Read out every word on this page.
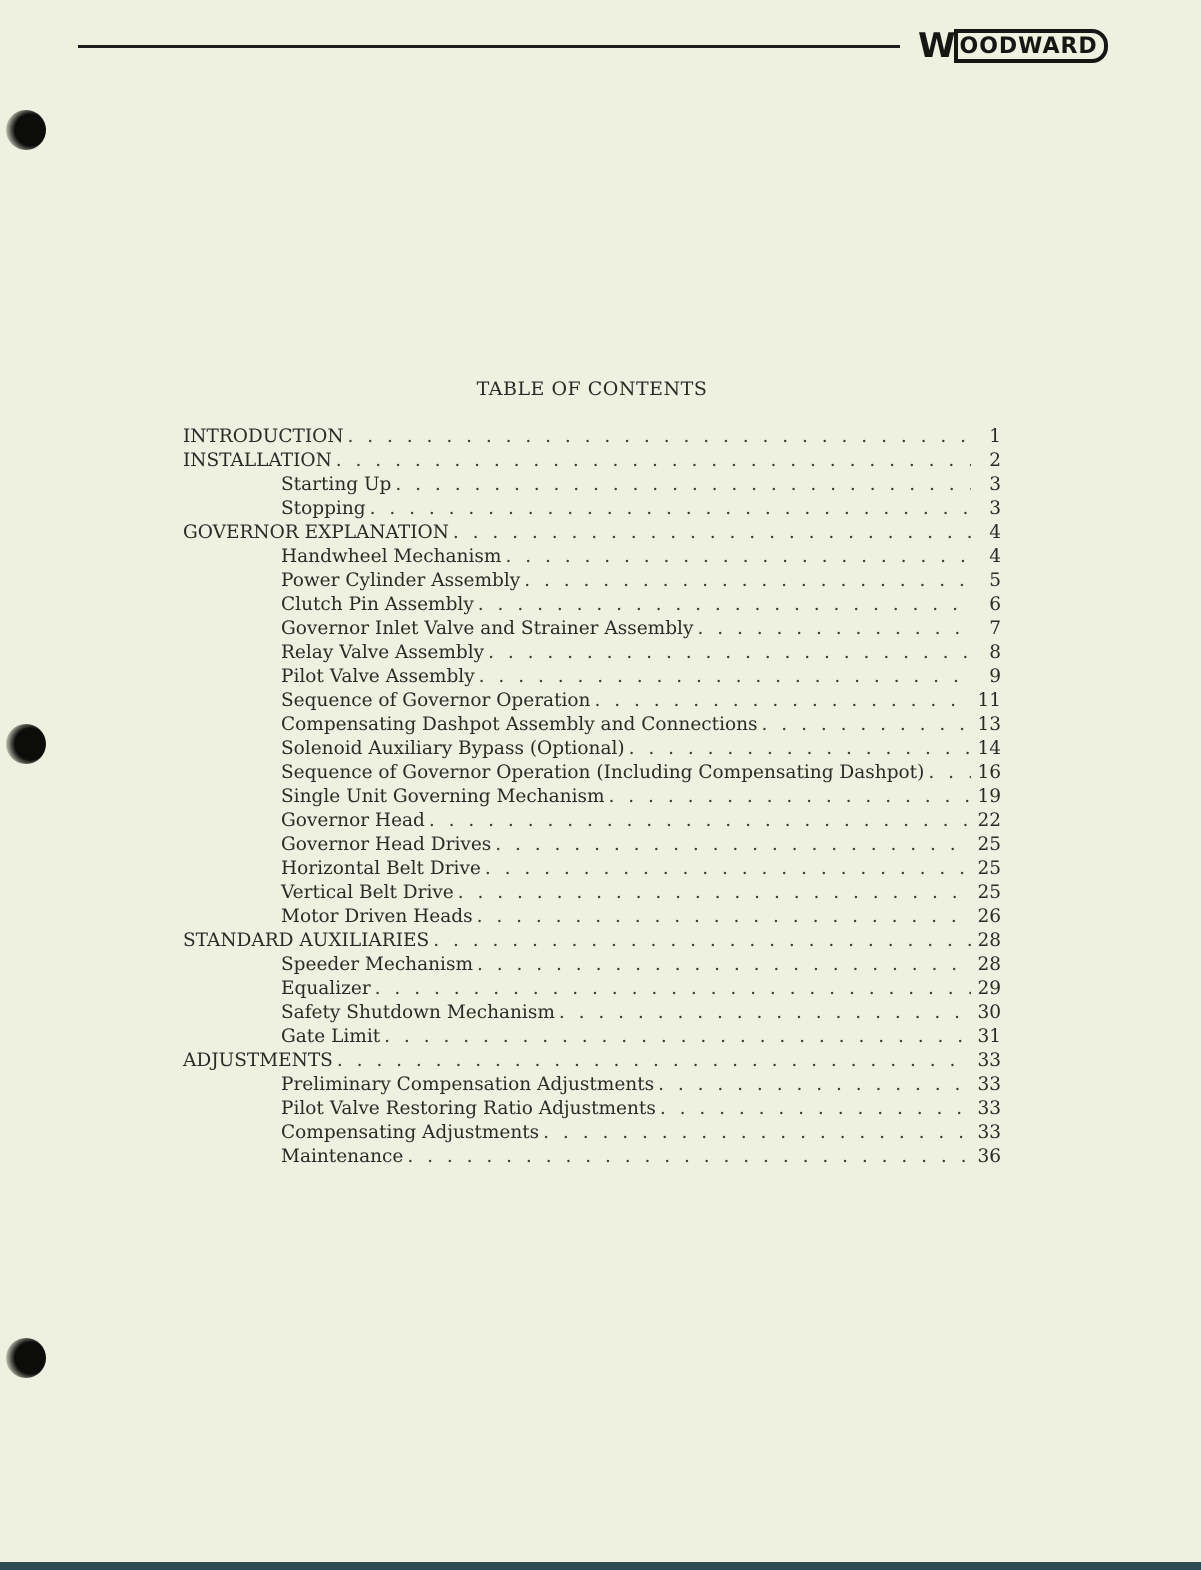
W OODWARD
TABLE OF CONTENTS
INTRODUCTION . . .	1
INSTALLATION . . .	2
Starting Up . . .	3
Stopping . . .	3
GOVERNOR EXPLANATION . . .	4
Handwheel Mechanism . . .	4
Power Cylinder Assembly . . .	5
Clutch Pin Assembly . . .	6
Governor Inlet Valve and Strainer Assembly . . .	7
Relay Valve Assembly . . .	8
Pilot Valve Assembly . . .	9
Sequence of Governor Operation . . .	11
Compensating Dashpot Assembly and Connections . . .	13
Solenoid Auxiliary Bypass (Optional) . . .	14
Sequence of Governor Operation (Including Compensating Dashpot) . . .	16
Single Unit Governing Mechanism . . .	19
Governor Head . . .	22
Governor Head Drives . . .	25
Horizontal Belt Drive . . .	25
Vertical Belt Drive . . .	25
Motor Driven Heads . . .	26
STANDARD AUXILIARIES . . .	28
Speeder Mechanism . . .	28
Equalizer . . .	29
Safety Shutdown Mechanism . . .	30
Gate Limit . . .	31
ADJUSTMENTS . . .	33
Preliminary Compensation Adjustments . . .	33
Pilot Valve Restoring Ratio Adjustments . . .	33
Compensating Adjustments . . .	33
Maintenance . . .	36
